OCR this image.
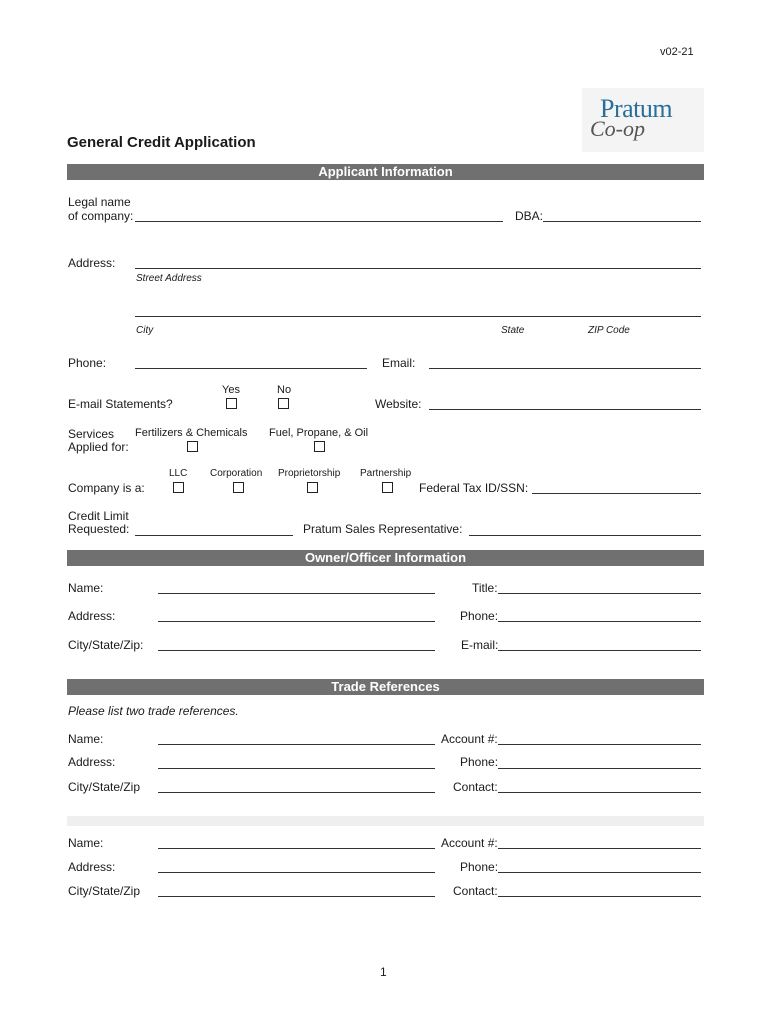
v02-21
Pratum
Co-op
General Credit Application
Applicant Information
Legal name
of company:	DBA:
Address:
Street Address
City	State	ZIP Code
Phone:	Email:
Yes	No
E-mail Statements?	Website:
Services
Applied for:
Fertilizers & Chemicals Fuel, Propane, & Oil
LLC Corporation Proprietorship Partnership
Company is a:	Federal Tax ID/SSN:
Credit Limit
Requested:	Pratum Sales Representative:
Owner/Officer Information
Name:	Title:
Address:	Phone:
City/State/Zip:	E-mail:
Trade References
Please list two trade references.
Name:	Account #:
Address:	Phone:
City/State/Zip	Contact:
Name:	Account #:
Address:	Phone:
City/State/Zip	Contact:
1
